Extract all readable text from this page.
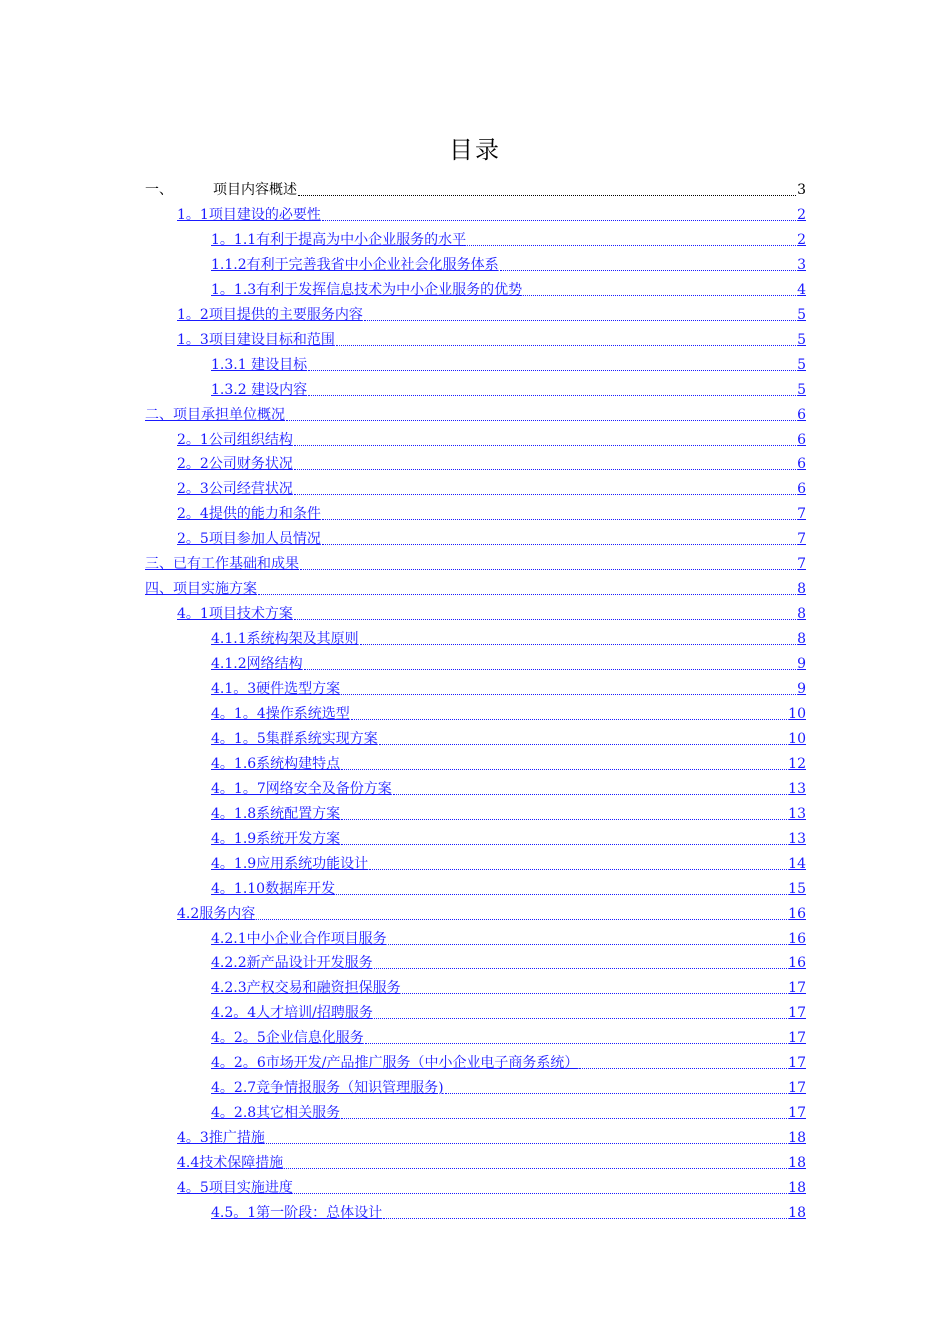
目录
一、	项目内容概述	3
1。1项目建设的必要性	2
1。1.1有利于提高为中小企业服务的水平	2
1.1.2有利于完善我省中小企业社会化服务体系	3
1。1.3有利于发挥信息技术为中小企业服务的优势	4
1。2项目提供的主要服务内容	5
1。3项目建设目标和范围	5
1.3.1 建设目标	5
1.3.2 建设内容	5
二、项目承担单位概况	6
2。1公司组织结构	6
2。2公司财务状况	6
2。3公司经营状况	6
2。4提供的能力和条件	7
2。5项目参加人员情况	7
三、已有工作基础和成果	7
四、项目实施方案	8
4。1项目技术方案	8
4.1.1系统构架及其原则	8
4.1.2网络结构	9
4.1。3硬件选型方案	9
4。1。4操作系统选型	10
4。1。5集群系统实现方案	10
4。1.6系统构建特点	12
4。1。7网络安全及备份方案	13
4。1.8系统配置方案	13
4。1.9系统开发方案	13
4。1.9应用系统功能设计	14
4。1.10数据库开发	15
4.2服务内容	16
4.2.1中小企业合作项目服务	16
4.2.2新产品设计开发服务	16
4.2.3产权交易和融资担保服务	17
4.2。4人才培训/招聘服务	17
4。2。5企业信息化服务	17
4。2。6市场开发/产品推广服务（中小企业电子商务系统）	17
4。2.7竞争情报服务（知识管理服务)	17
4。2.8其它相关服务	17
4。3推广措施	18
4.4技术保障措施	18
4。5项目实施进度	18
4.5。1第一阶段：总体设计	18
